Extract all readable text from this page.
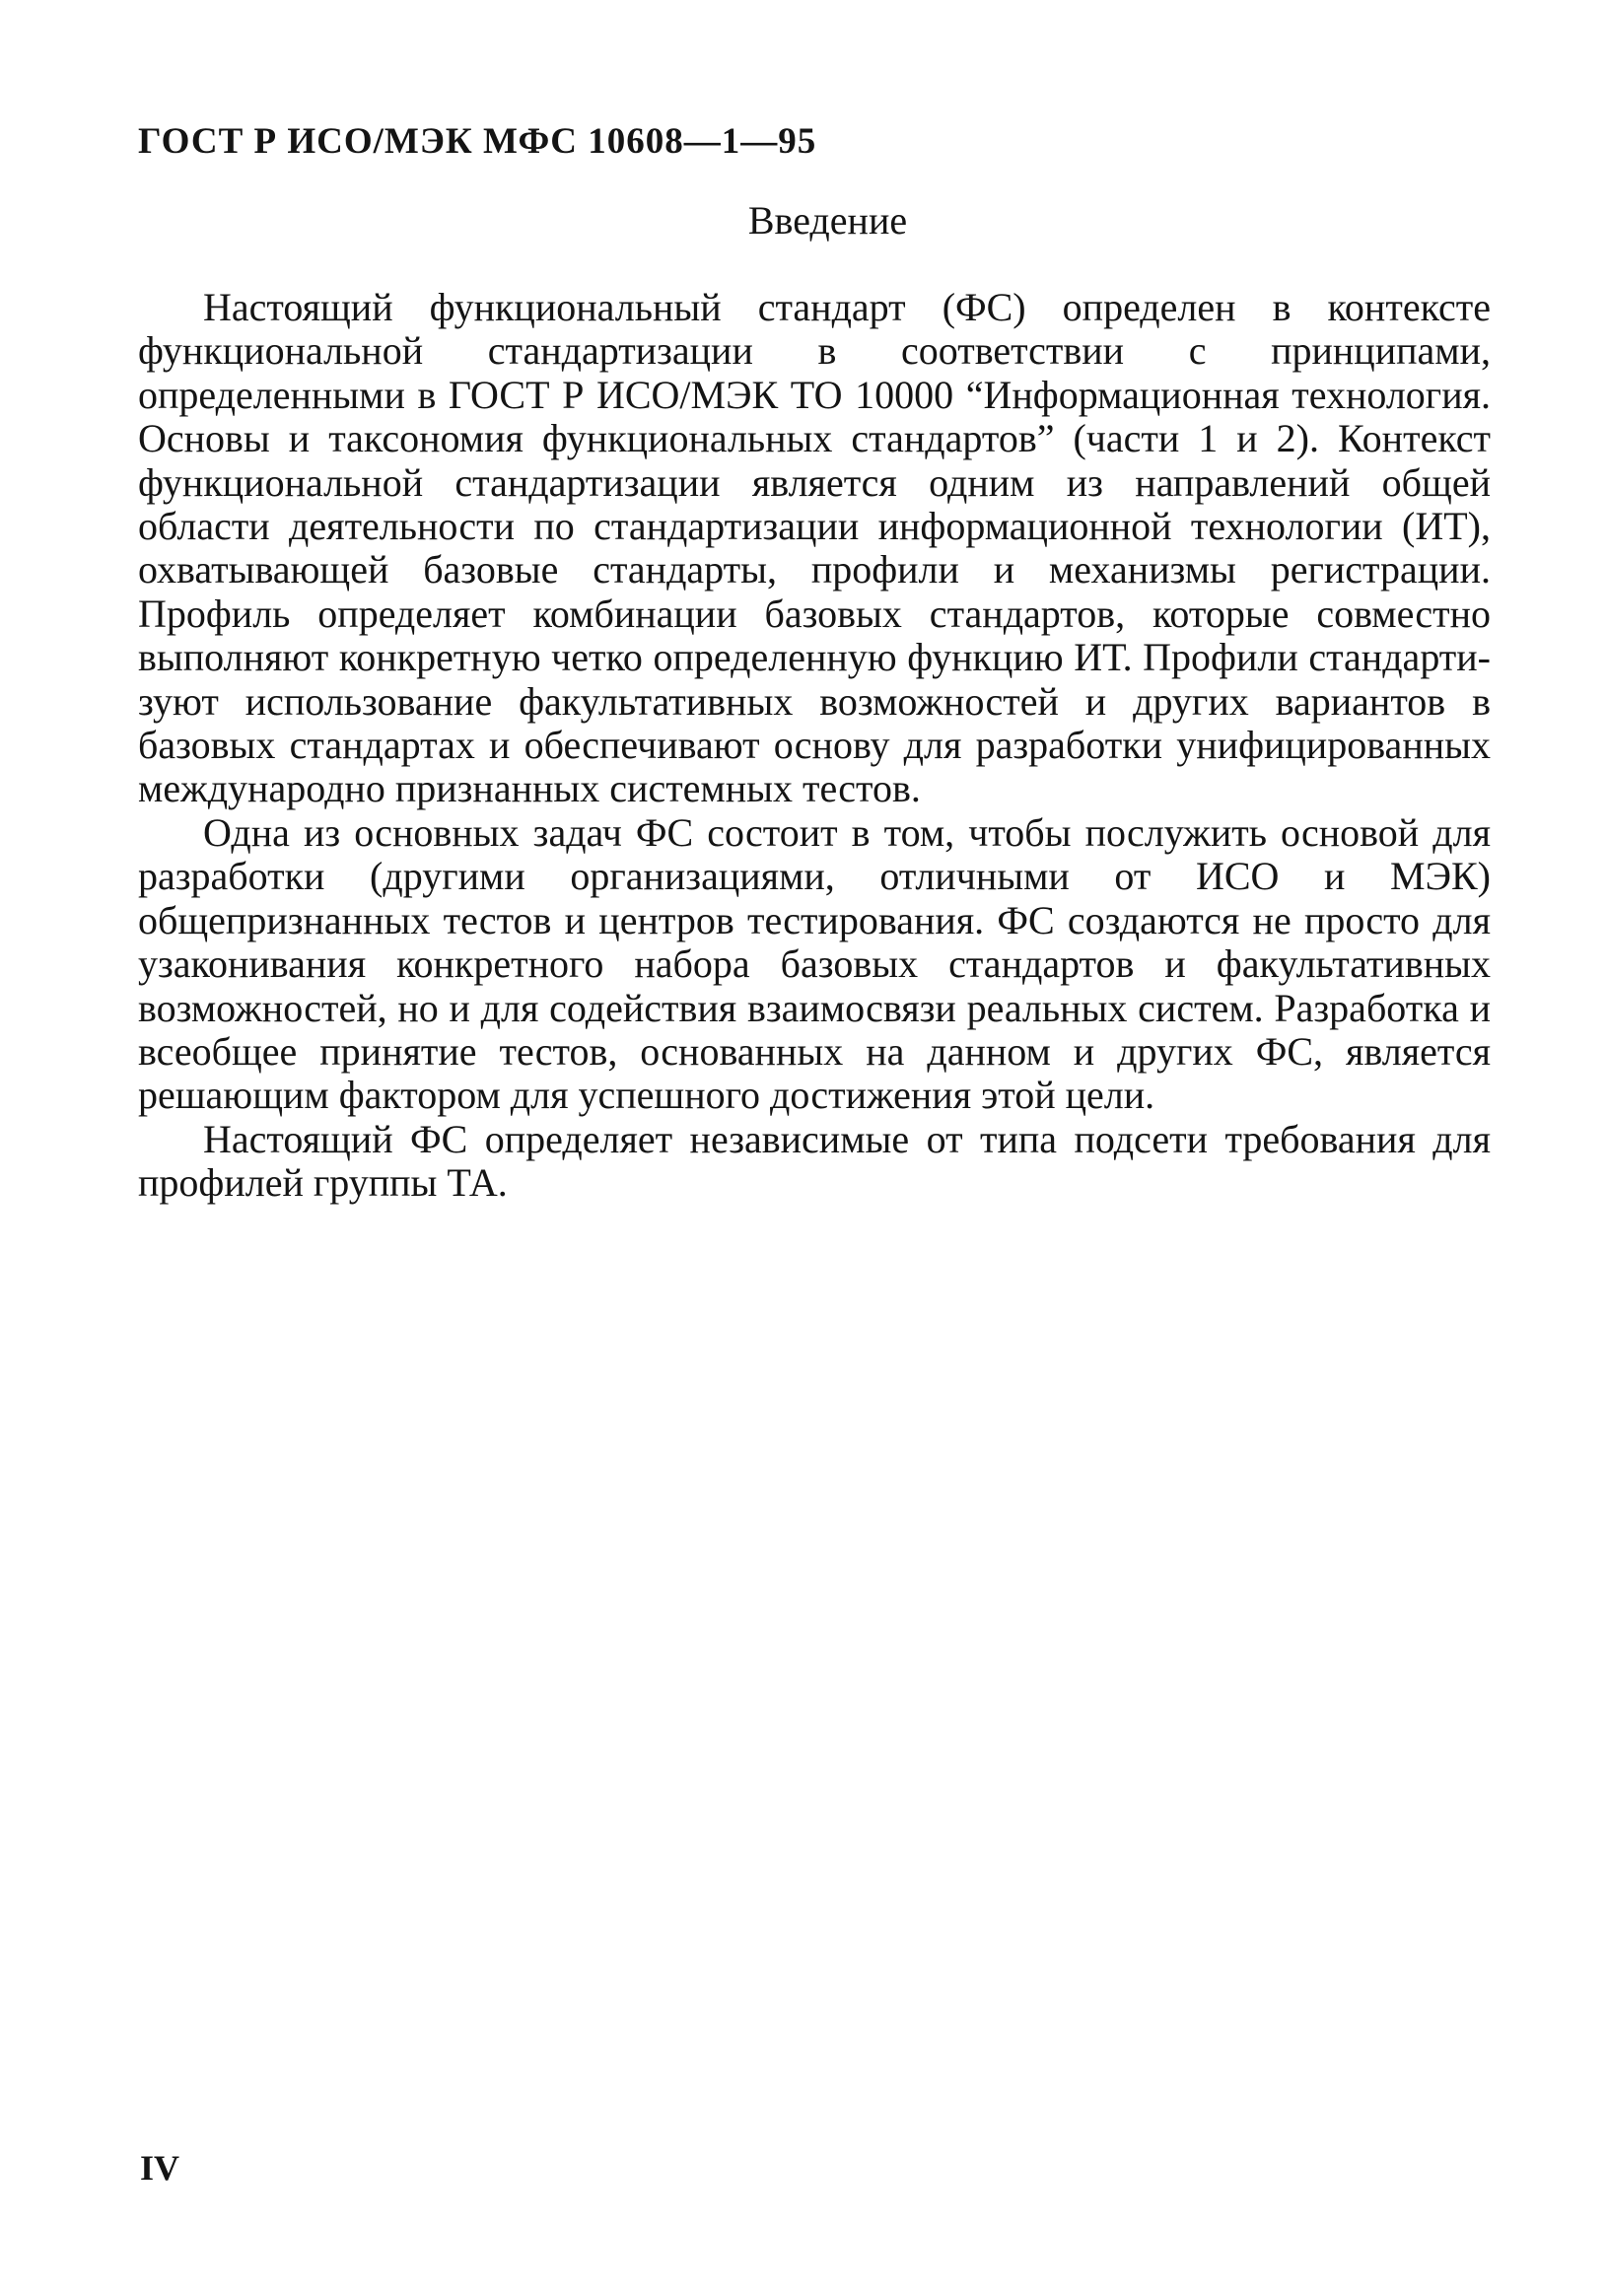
ГОСТ Р ИСО/МЭК МФС 10608—1—95
Введение

Настоящий функциональный стандарт (ФС) определен в контексте функциональной стандартизации в соответствии с принципами, определенными в ГОСТ Р ИСО/МЭК ТО 10000 “Информационная технология. Основы и таксономия функциональных стандартов” (части 1 и 2). Контекст функциональной стандартизации является одним из направлений общей области деятельности по стандартизации информационной технологии (ИТ), охватывающей базовые стандарты, профили и механизмы регистрации. Профиль определяет комбинации базовых стандартов, которые совместно выполняют конкретную четко определенную функцию ИТ. Профили стандартизуют использование факультативных возможностей и других вариантов в базовых стандартах и обеспечивают основу для разработки унифицированных международно признанных системных тестов.

Одна из основных задач ФС состоит в том, чтобы послужить основой для разработки (другими организациями, отличными от ИСО и МЭК) общепризнанных тестов и центров тестирования. ФС создаются не просто для узаконивания конкретного набора базовых стандартов и факультативных возможностей, но и для содействия взаимосвязи реальных систем. Разработка и всеобщее принятие тестов, основанных на данном и других ФС, является решающим фактором для успешного достижения этой цели.

Настоящий ФС определяет независимые от типа подсети требования для профилей группы ТА.

IV
